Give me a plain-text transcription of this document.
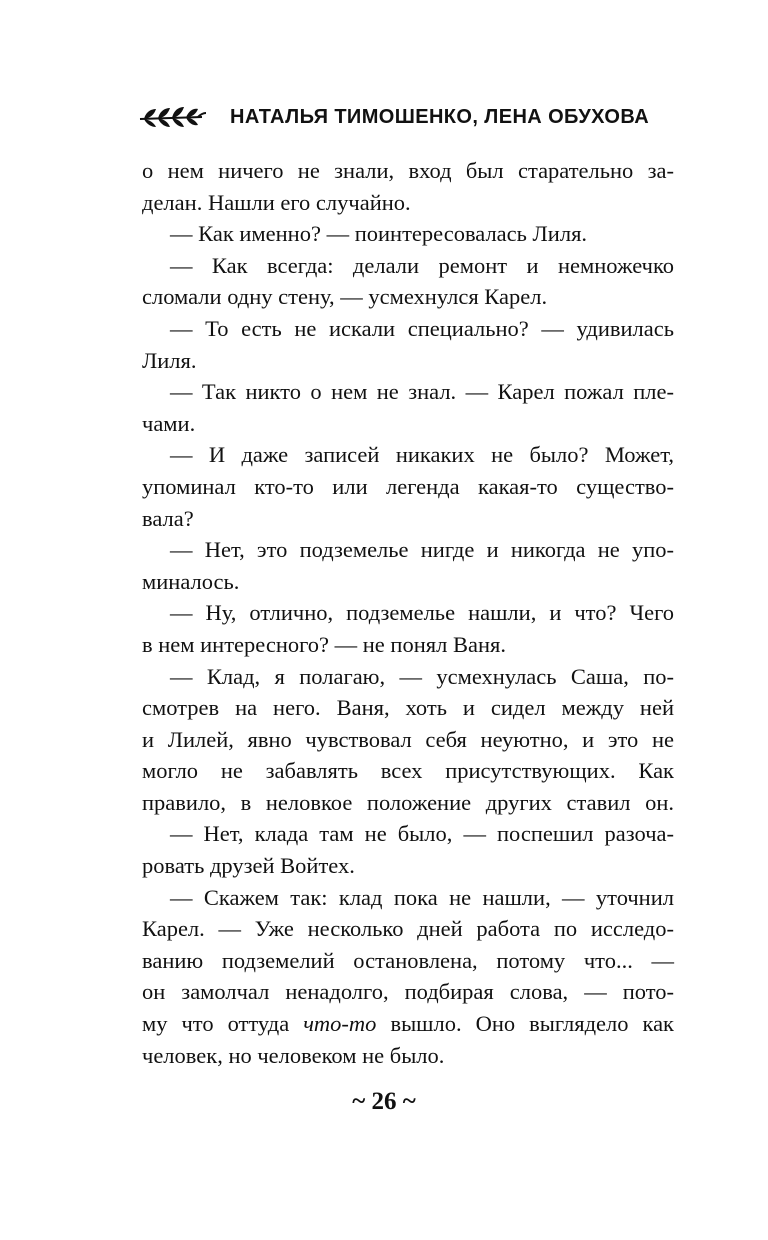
НАТАЛЬЯ ТИМОШЕНКО, ЛЕНА ОБУХОВА
о нем ничего не знали, вход был старательно за-
делан. Нашли его случайно.
— Как именно? — поинтересовалась Лиля.
— Как всегда: делали ремонт и немножечко
сломали одну стену, — усмехнулся Карел.
— То есть не искали специально? — удивилась
Лиля.
— Так никто о нем не знал. — Карел пожал пле-
чами.
— И даже записей никаких не было? Может,
упоминал кто-то или легенда какая-то существо-
вала?
— Нет, это подземелье нигде и никогда не упо-
миналось.
— Ну, отлично, подземелье нашли, и что? Чего
в нем интересного? — не понял Ваня.
— Клад, я полагаю, — усмехнулась Саша, по-
смотрев на него. Ваня, хоть и сидел между ней
и Лилей, явно чувствовал себя неуютно, и это не
могло не забавлять всех присутствующих. Как
правило, в неловкое положение других ставил он.
— Нет, клада там не было, — поспешил разоча-
ровать друзей Войтех.
— Скажем так: клад пока не нашли, — уточнил
Карел. — Уже несколько дней работа по исследо-
ванию подземелий остановлена, потому что... —
он замолчал ненадолго, подбирая слова, — пото-
му что оттуда что-то вышло. Оно выглядело как
человек, но человеком не было.
~ 26 ~
